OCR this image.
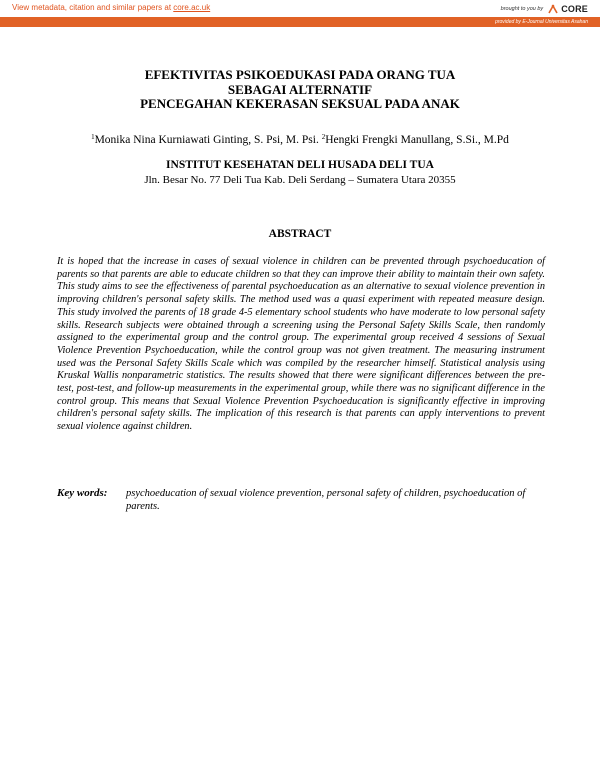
View metadata, citation and similar papers at core.ac.uk	brought to you by CORE
provided by E-Journal Universitas Asahan
EFEKTIVITAS PSIKOEDUKASI PADA ORANG TUA
SEBAGAI ALTERNATIF
PENCEGAHAN KEKERASAN SEKSUAL PADA ANAK
$^1$Monika Nina Kurniawati Ginting, S. Psi, M. Psi. $^2$Hengki Frengki Manullang, S.Si., M.Pd
INSTITUT KESEHATAN DELI HUSADA DELI TUA
Jln. Besar No. 77 Deli Tua Kab. Deli Serdang – Sumatera Utara 20355
ABSTRACT

It is hoped that the increase in cases of sexual violence in children can be prevented through psychoeducation of parents so that parents are able to educate children so that they can improve their ability to maintain their own safety. This study aims to see the effectiveness of parental psychoeducation as an alternative to sexual violence prevention in improving children's personal safety skills. The method used was a quasi experiment with repeated measure design. This study involved the parents of 18 grade 4-5 elementary school students who have moderate to low personal safety skills. Research subjects were obtained through a screening using the Personal Safety Skills Scale, then randomly assigned to the experimental group and the control group. The experimental group received 4 sessions of Sexual Violence Prevention Psychoeducation, while the control group was not given treatment. The measuring instrument used was the Personal Safety Skills Scale which was compiled by the researcher himself. Statistical analysis using Kruskal Wallis nonparametric statistics. The results showed that there were significant differences between the pre-test, post-test, and follow-up measurements in the experimental group, while there was no significant difference in the control group. This means that Sexual Violence Prevention Psychoeducation is significantly effective in improving children's personal safety skills. The implication of this research is that parents can apply interventions to prevent sexual violence against children.

Key words: psychoeducation of sexual violence prevention, personal safety of children, psychoeducation of parents.
